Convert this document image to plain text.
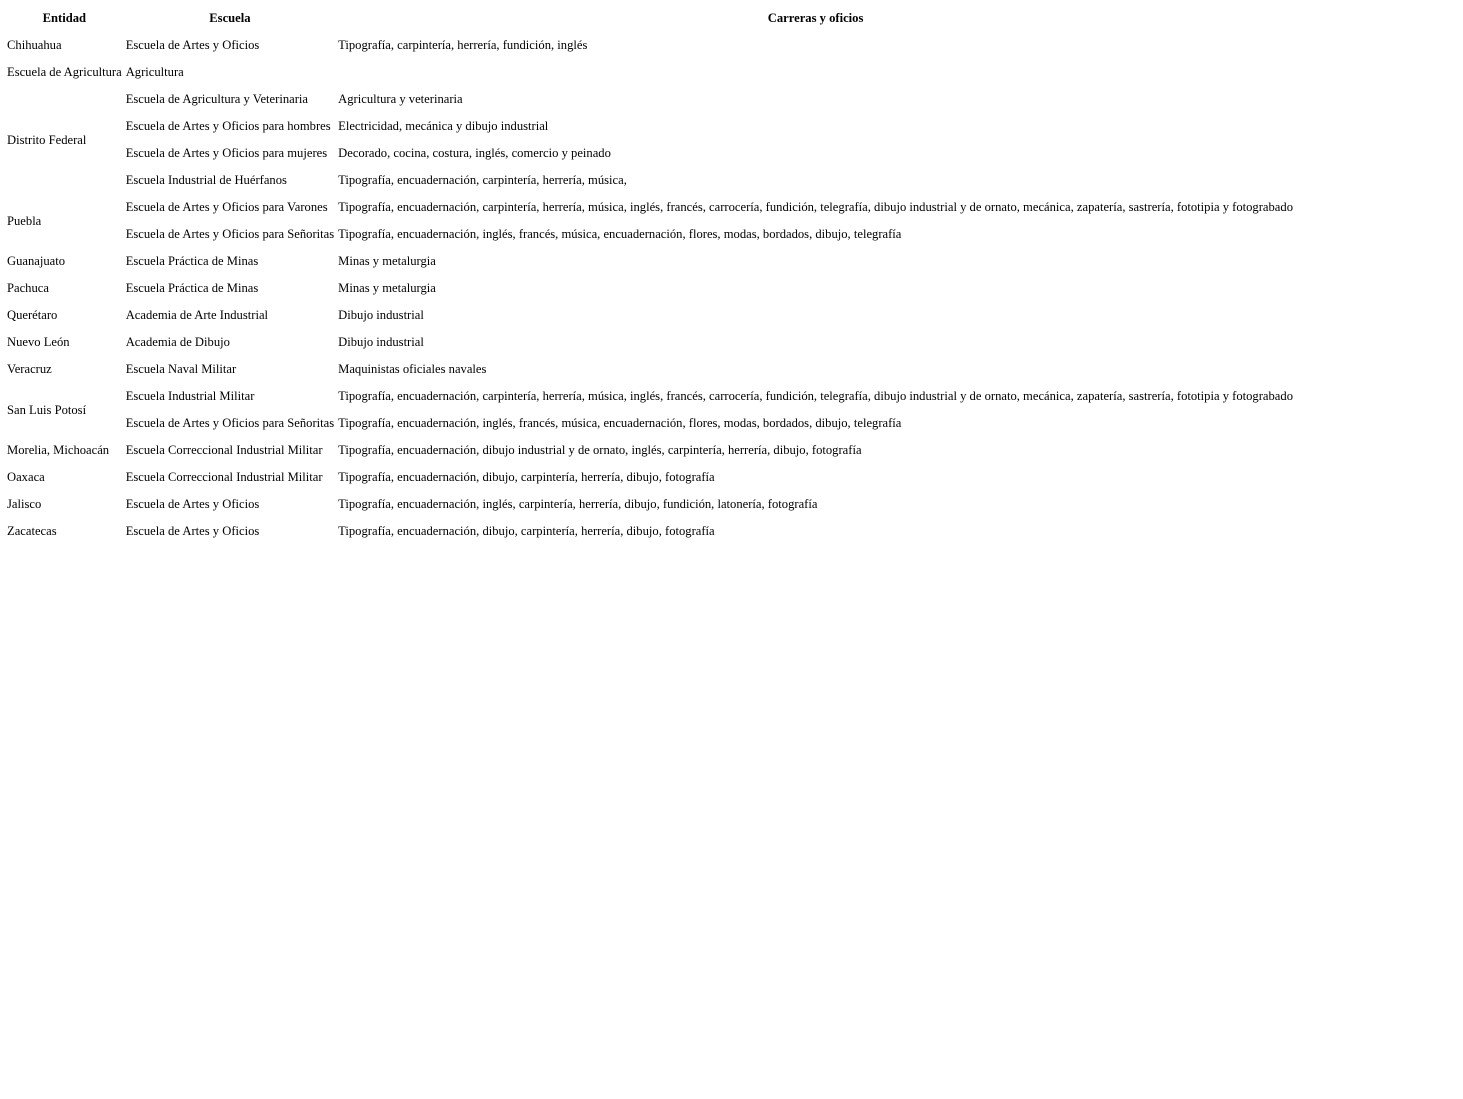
Entidad	Escuela	Carreras y oficios
Chihuahua	Escuela de Artes y Oficios	Tipografía, carpintería, herrería, fundición, inglés
Escuela de Agricultura	Agricultura	
Distrito Federal	Escuela de Agricultura y Veterinaria	Agricultura y veterinaria
	Escuela de Artes y Oficios para hombres	Electricidad, mecánica y dibujo industrial
	Escuela de Artes y Oficios para mujeres	Decorado, cocina, costura, inglés, comercio y peinado
	Escuela Industrial de Huérfanos	Tipografía, encuadernación, carpintería, herrería, música,
Puebla	Escuela de Artes y Oficios para Varones	Tipografía, encuadernación, carpintería, herrería, música, inglés, francés, carrocería, fundición, telegrafía, dibujo industrial y de ornato, mecánica, zapatería, sastrería, fototipia y fotograbado
	Escuela de Artes y Oficios para Señoritas	Tipografía, encuadernación, inglés, francés, música, encuadernación, flores, modas, bordados, dibujo, telegrafía
Guanajuato	Escuela Práctica de Minas	Minas y metalurgia
Pachuca	Escuela Práctica de Minas	Minas y metalurgia
Querétaro	Academia de Arte Industrial	Dibujo industrial
Nuevo León	Academia de Dibujo	Dibujo industrial
Veracruz	Escuela Naval Militar	Maquinistas oficiales navales
San Luis Potosí	Escuela Industrial Militar	Tipografía, encuadernación, carpintería, herrería, música, inglés, francés, carrocería, fundición, telegrafía, dibujo industrial y de ornato, mecánica, zapatería, sastrería, fototipia y fotograbado
	Escuela de Artes y Oficios para Señoritas	Tipografía, encuadernación, inglés, francés, música, encuadernación, flores, modas, bordados, dibujo, telegrafía
Morelia, Michoacán	Escuela Correccional Industrial Militar	Tipografía, encuadernación, dibujo industrial y de ornato, inglés, carpintería, herrería, dibujo, fotografía
Oaxaca	Escuela Correccional Industrial Militar	Tipografía, encuadernación, dibujo, carpintería, herrería, dibujo, fotografía
Jalisco	Escuela de Artes y Oficios	Tipografía, encuadernación, inglés, carpintería, herrería, dibujo, fundición, latonería, fotografía
Zacatecas	Escuela de Artes y Oficios	Tipografía, encuadernación, dibujo, carpintería, herrería, dibujo, fotografía
